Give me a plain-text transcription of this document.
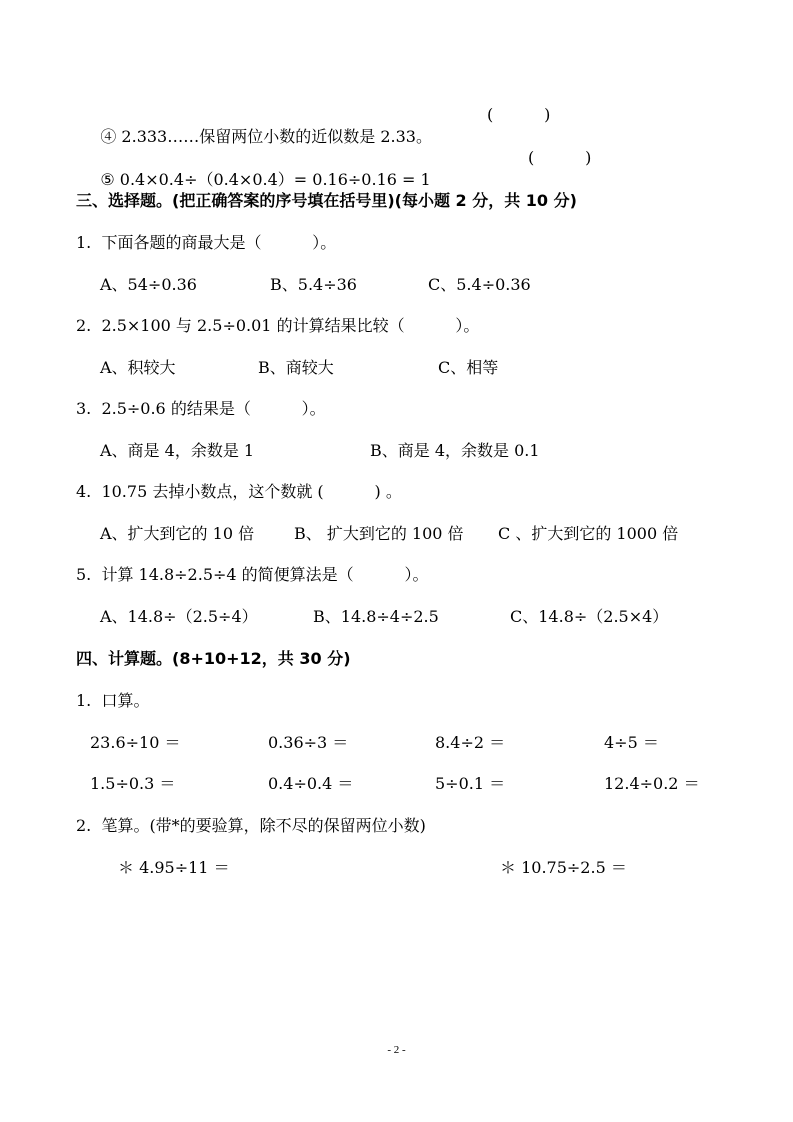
④ 2.333……保留两位小数的近似数是 2.33。

(          )

⑤ 0.4×0.4÷（0.4×0.4）= 0.16÷0.16 = 1

(          )
三、选择题。(把正确答案的序号填在括号里)(每小题 2 分，共 10 分)
1.  下面各题的商最大是（          ）。
A、54÷0.36	B、5.4÷36	C、5.4÷0.36
2.  2.5×100 与 2.5÷0.01 的计算结果比较（          ）。
A、积较大	B、商较大	C、相等
3.  2.5÷0.6 的结果是（          ）。
A、商是 4，余数是 1	B、商是 4，余数是 0.1
4.  10.75 去掉小数点，这个数就 (          ) 。
A、扩大到它的 10 倍 B、 扩大到它的 100 倍 C 、扩大到它的 1000 倍
5.  计算 14.8÷2.5÷4 的简便算法是（          ）。
A、14.8÷（2.5÷4）	B、14.8÷4÷2.5	C、14.8÷（2.5×4）
四、计算题。(8+10+12，共 30 分)
1.  口算。
23.6÷10 ＝	0.36÷3 ＝	8.4÷2 ＝	4÷5 ＝
1.5÷0.3 ＝	0.4÷0.4 ＝	5÷0.1 ＝	12.4÷0.2 ＝
2.  笔算。(带*的要验算，除不尽的保留两位小数)
＊ 4.95÷11 ＝	＊ 10.75÷2.5 ＝
- 2 -
